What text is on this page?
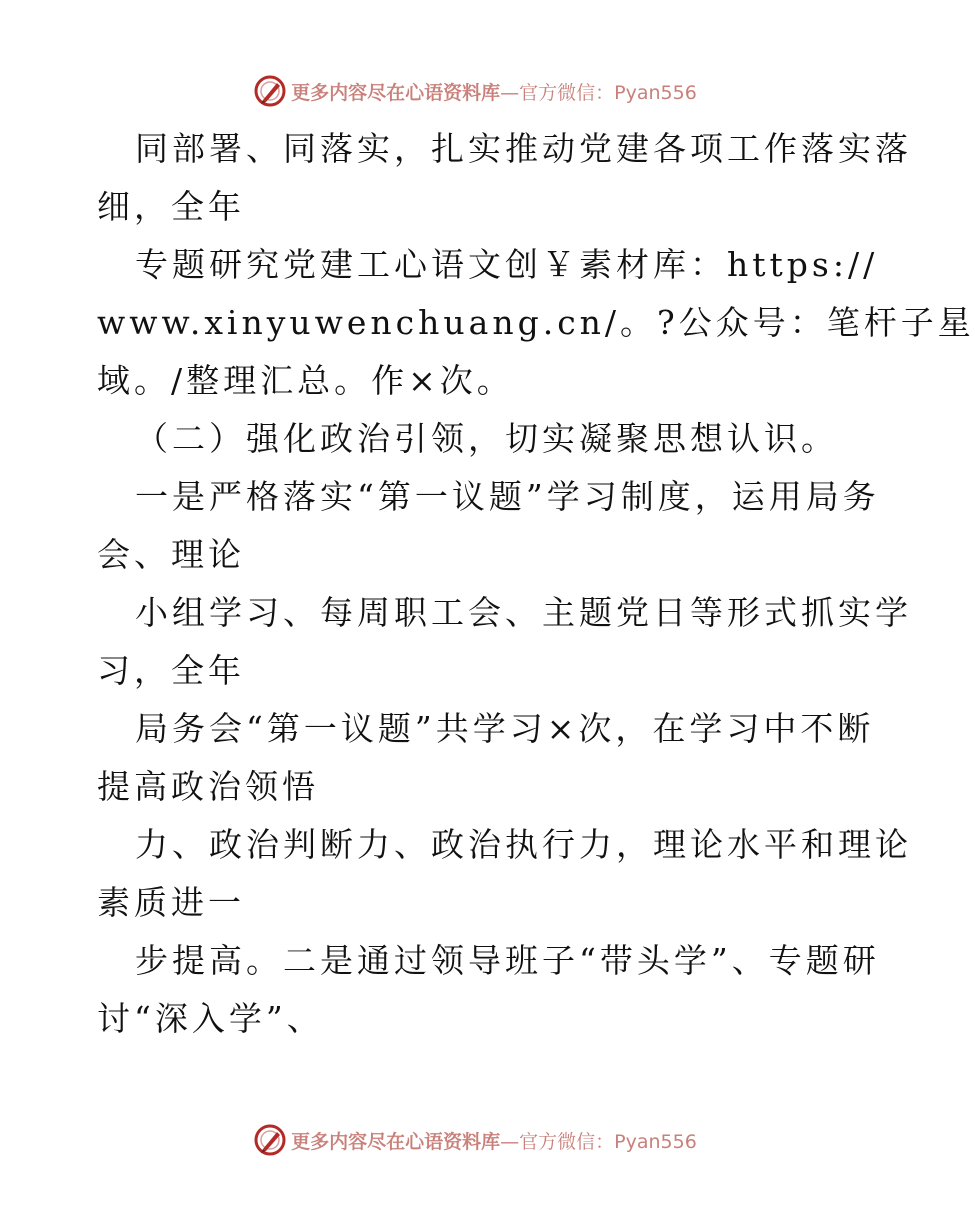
更多内容尽在心语资料库 —官方微信：Pyan556
同部署、同落实，扎实推动党建各项工作落实落
细，全年
专题研究党建工心语文创￥素材库：https://
www.xinyuwenchuang.cn/。?公众号：笔杆子星
域。/整理汇总。作×次。
（二）强化政治引领，切实凝聚思想认识。
一是严格落实“第一议题”学习制度，运用局务
会、理论
小组学习、每周职工会、主题党日等形式抓实学
习，全年
局务会“第一议题”共学习×次，在学习中不断
提高政治领悟
力、政治判断力、政治执行力，理论水平和理论
素质进一
步提高。二是通过领导班子“带头学”、专题研
讨“深入学”、
更多内容尽在心语资料库 —官方微信：Pyan556
